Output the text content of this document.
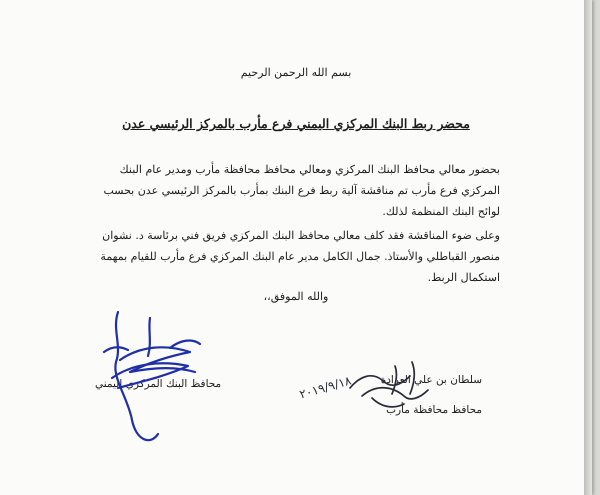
بسم الله الرحمن الرحيم
محضر ربط البنك المركزي اليمني فرع مأرب بالمركز الرئيسي عدن
بحضور معالي محافظ البنك المركزي ومعالي محافظ محافظة مأرب ومدير عام البنك المركزي فرع مأرب تم مناقشة آلية ربط فرع البنك بمأرب بالمركز الرئيسي عدن بحسب لوائح البنك المنظمة لذلك.
وعلى ضوء المناقشة فقد كلف معالي محافظ البنك المركزي فريق فني برئاسة د. نشوان منصور القباطلي والأستاذ. جمال الكامل مدير عام البنك المركزي فرع مأرب للقيام بمهمة استكمال الربط.
والله الموفق،،
سلطان بن علي العرادة
محافظ محافظة مأرب
محافظ البنك المركزي اليمني	٢٠١٩/٩/١٨
